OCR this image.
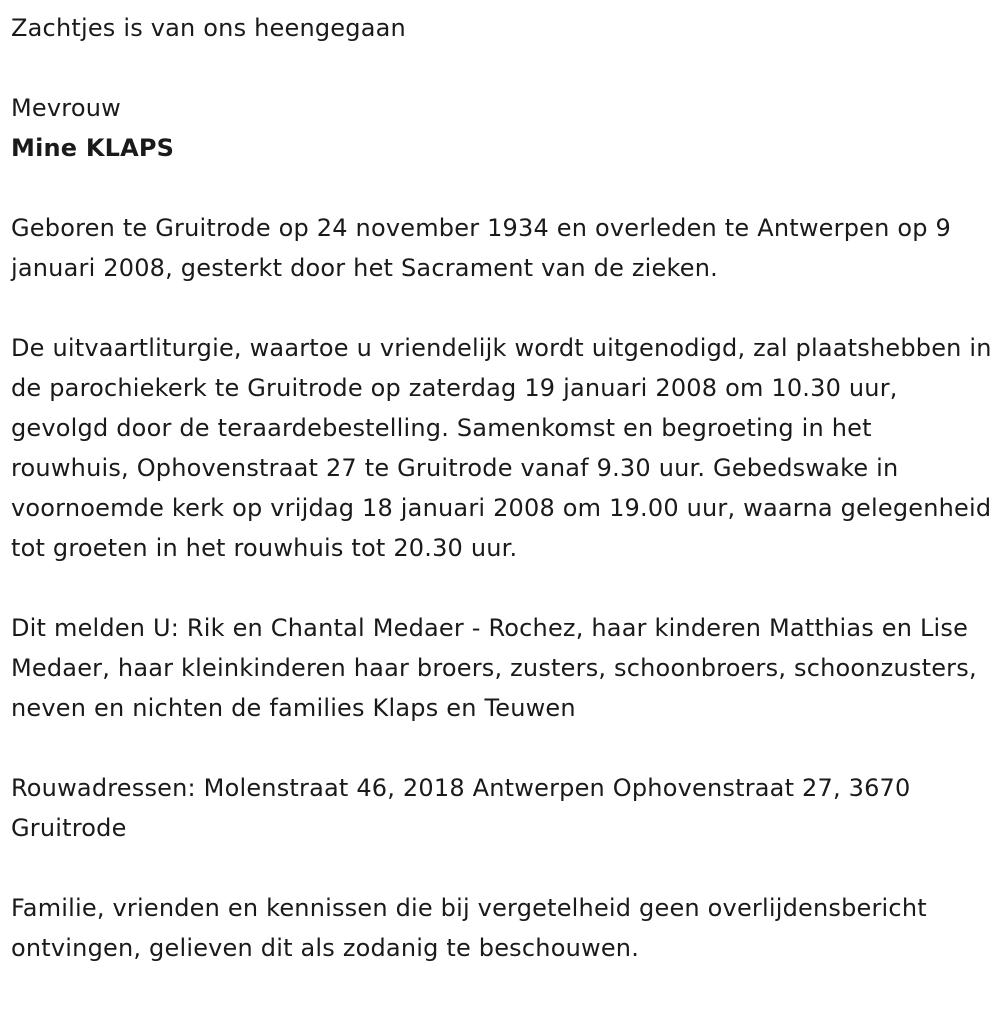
Zachtjes is van ons heengegaan

Mevrouw

Mine KLAPS

Geboren te Gruitrode op 24 november 1934 en overleden te Antwerpen op 9 januari 2008, gesterkt door het Sacrament van de zieken.

De uitvaartliturgie, waartoe u vriendelijk wordt uitgenodigd, zal plaatshebben in de parochiekerk te Gruitrode op zaterdag 19 januari 2008 om 10.30 uur, gevolgd door de teraardebestelling. Samenkomst en begroeting in het rouwhuis, Ophovenstraat 27 te Gruitrode vanaf 9.30 uur. Gebedswake in voornoemde kerk op vrijdag 18 januari 2008 om 19.00 uur, waarna gelegenheid tot groeten in het rouwhuis tot 20.30 uur.

Dit melden U: Rik en Chantal Medaer - Rochez, haar kinderen Matthias en Lise Medaer, haar kleinkinderen haar broers, zusters, schoonbroers, schoonzusters, neven en nichten de families Klaps en Teuwen

Rouwadressen: Molenstraat 46, 2018 Antwerpen Ophovenstraat 27, 3670 Gruitrode

Familie, vrienden en kennissen die bij vergetelheid geen overlijdensbericht ontvingen, gelieven dit als zodanig te beschouwen.
